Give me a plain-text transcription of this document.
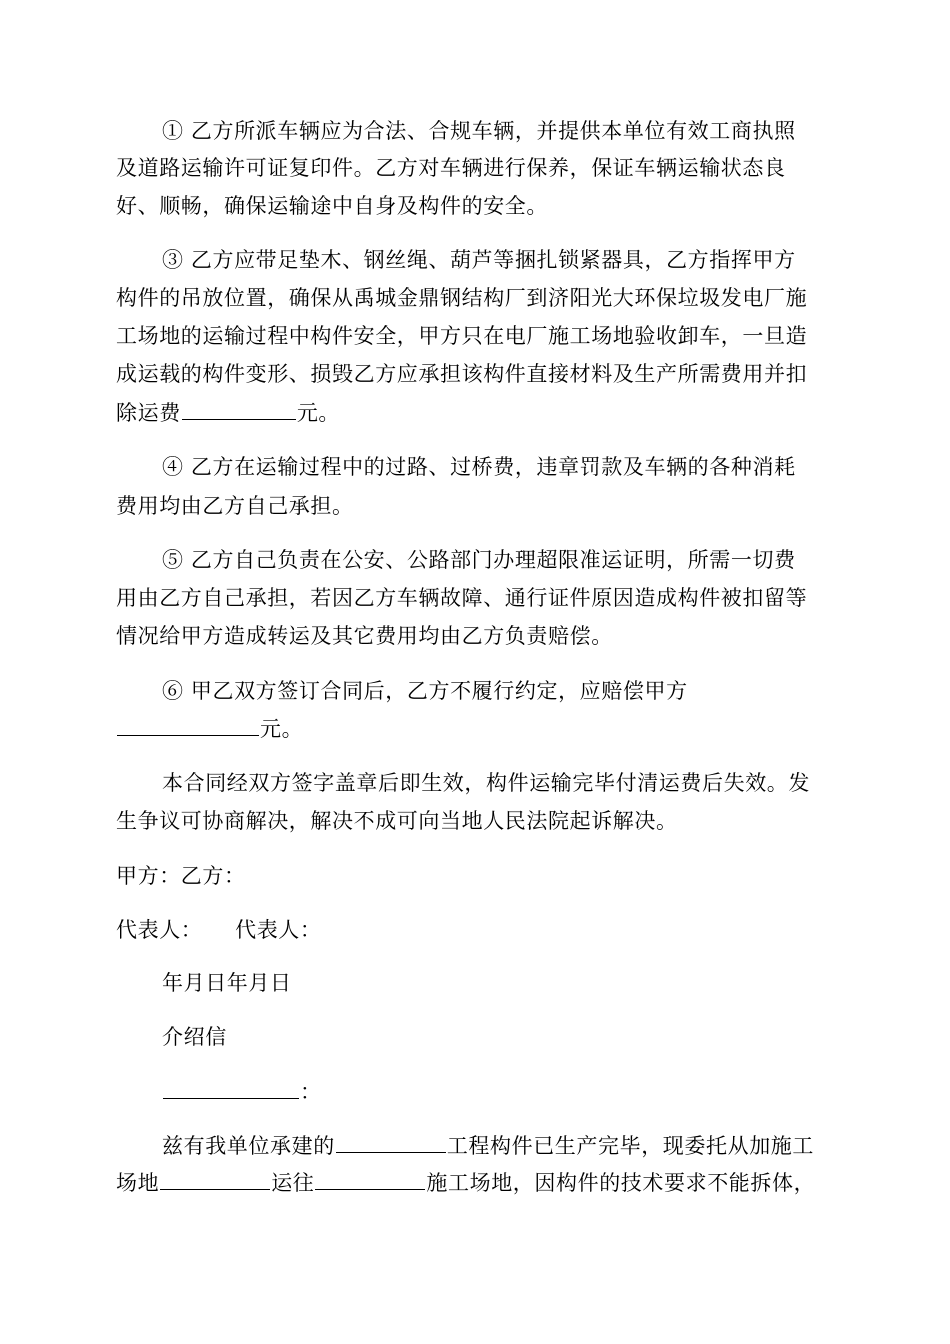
① 乙方所派车辆应为合法、合规车辆，并提供本单位有效工商执照
及道路运输许可证复印件。乙方对车辆进行保养，保证车辆运输状态良
好、顺畅，确保运输途中自身及构件的安全。
③ 乙方应带足垫木、钢丝绳、葫芦等捆扎锁紧器具，乙方指挥甲方
构件的吊放位置，确保从禹城金鼎钢结构厂到济阳光大环保垃圾发电厂施
工场地的运输过程中构件安全，甲方只在电厂施工场地验收卸车，一旦造
成运载的构件变形、损毁乙方应承担该构件直接材料及生产所需费用并扣
除运费	元。
④ 乙方在运输过程中的过路、过桥费，违章罚款及车辆的各种消耗
费用均由乙方自己承担。
⑤ 乙方自己负责在公安、公路部门办理超限准运证明，所需一切费
用由乙方自己承担，若因乙方车辆故障、通行证件原因造成构件被扣留等
情况给甲方造成转运及其它费用均由乙方负责赔偿。
⑥ 甲乙双方签订合同后，乙方不履行约定，应赔偿甲方
元。
本合同经双方签字盖章后即生效，构件运输完毕付清运费后失效。发
生争议可协商解决，解决不成可向当地人民法院起诉解决。
甲方：乙方：
代表人：　　代表人：
年月日年月日
介绍信
：
兹有我单位承建的	工程构件已生产完毕，现委托从加施工
场地	运往	施工场地，因构件的技术要求不能拆体，
